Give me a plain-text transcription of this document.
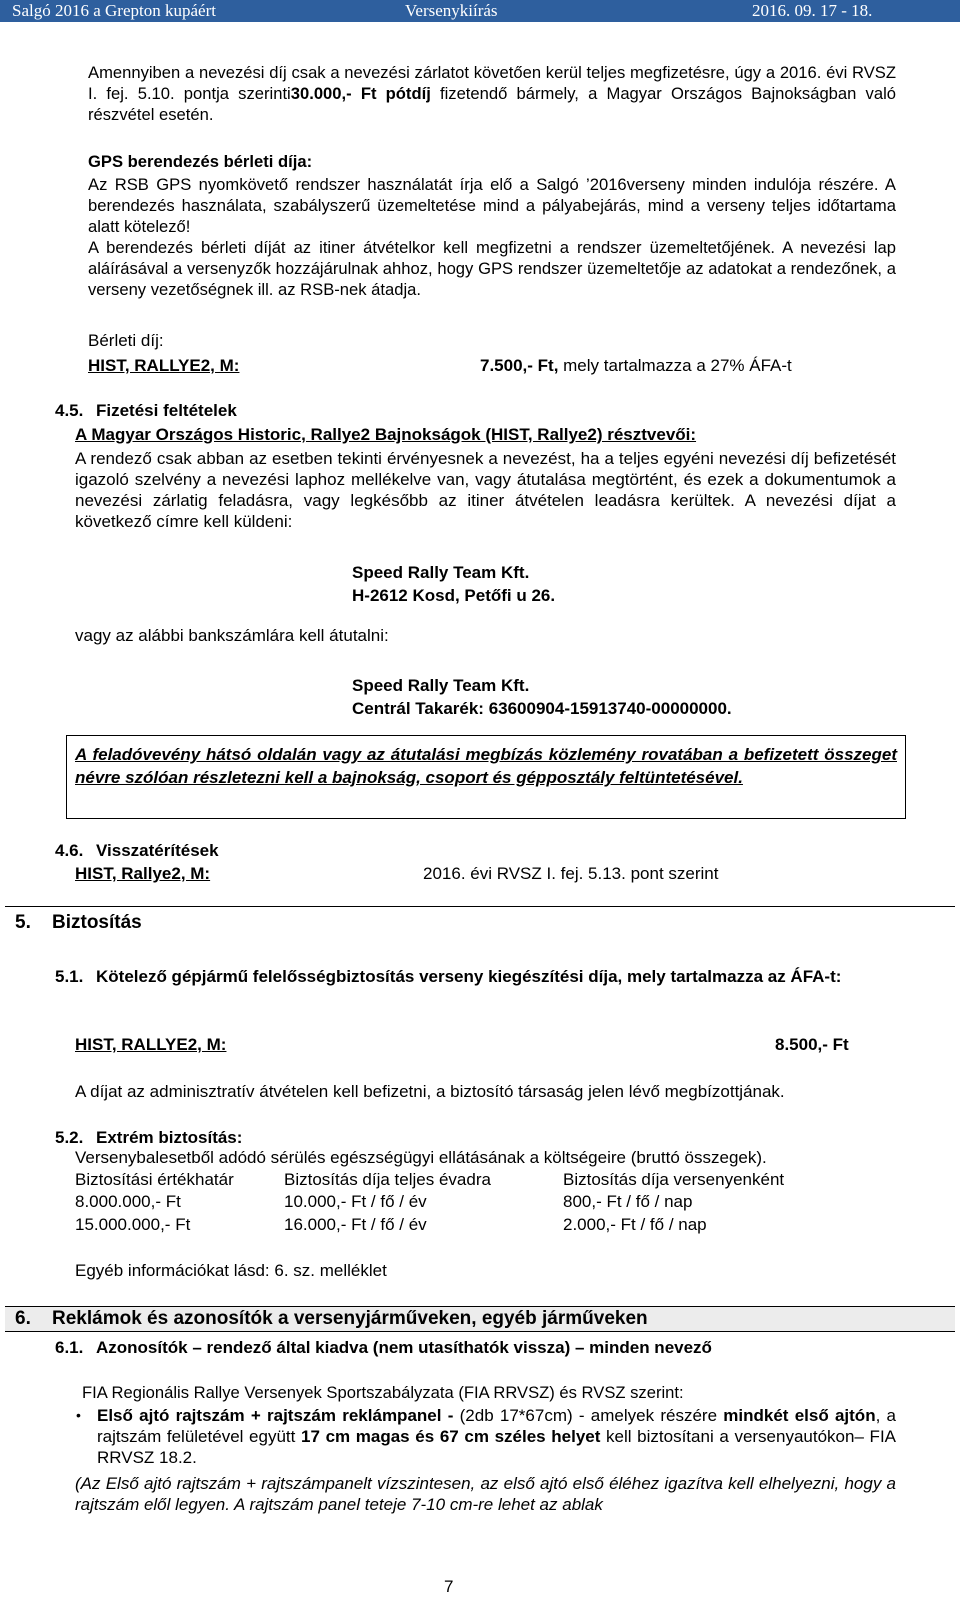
Salgó 2016 a Grepton kupáért	Versenykiírás	2016. 09. 17 - 18.
Amennyiben a nevezési díj csak a nevezési zárlatot követően kerül teljes megfizetésre, úgy a 2016. évi RVSZ I. fej. 5.10. pontja szerinti30.000,- Ft pótdíj fizetendő bármely, a Magyar Országos Bajnokságban való részvétel esetén.
GPS berendezés bérleti díja:
Az RSB GPS nyomkövető rendszer használatát írja elő a Salgó ’2016verseny minden indulója részére. A berendezés használata, szabályszerű üzemeltetése mind a pályabejárás, mind a verseny teljes időtartama alatt kötelező!
A berendezés bérleti díját az itiner átvételkor kell megfizetni a rendszer üzemeltetőjének. A nevezési lap aláírásával a versenyzők hozzájárulnak ahhoz, hogy GPS rendszer üzemeltetője az adatokat a rendezőnek, a verseny vezetőségnek ill. az RSB-nek átadja.
Bérleti díj:
HIST, RALLYE2, M:	7.500,- Ft, mely tartalmazza a 27% ÁFA-t
4.5. Fizetési feltételek
A Magyar Országos Historic, Rallye2 Bajnokságok (HIST, Rallye2) résztvevői:
A rendező csak abban az esetben tekinti érvényesnek a nevezést, ha a teljes egyéni nevezési díj befizetését igazoló szelvény a nevezési laphoz mellékelve van, vagy átutalása megtörtént, és ezek a dokumentumok a nevezési zárlatig feladásra, vagy legkésőbb az itiner átvételen leadásra kerültek. A nevezési díjat a következő címre kell küldeni:
Speed Rally Team Kft.
H-2612 Kosd, Petőfi u 26.
vagy az alábbi bankszámlára kell átutalni:
Speed Rally Team Kft.
Centrál Takarék: 63600904-15913740-00000000.
A feladóvevény hátsó oldalán vagy az átutalási megbízás közlemény rovatában a befizetett összeget névre szólóan részletezni kell a bajnokság, csoport és gépposztály feltüntetésével.
4.6. Visszatérítések
HIST, Rallye2, M:	2016. évi RVSZ I. fej. 5.13. pont szerint
5. Biztosítás
5.1. Kötelező gépjármű felelősségbiztosítás verseny kiegészítési díja, mely tartalmazza az ÁFA-t:
HIST, RALLYE2, M:	8.500,- Ft
A díjat az adminisztratív átvételen kell befizetni, a biztosító társaság jelen lévő megbízottjának.
5.2. Extrém biztosítás:
Versenybalesetből adódó sérülés egészségügyi ellátásának a költségeire (bruttó összegek).
Biztosítási értékhatár	Biztosítás díja teljes évadra	Biztosítás díja versenyenként
8.000.000,- Ft	10.000,- Ft / fő / év	800,- Ft / fő / nap
15.000.000,- Ft	16.000,- Ft / fő / év	2.000,- Ft / fő / nap
Egyéb információkat lásd: 6. sz. melléklet
6. Reklámok és azonosítók a versenyjárműveken, egyéb járműveken
6.1. Azonosítók – rendező által kiadva (nem utasíthatók vissza) – minden nevező
FIA Regionális Rallye Versenyek Sportszabályzata (FIA RRVSZ) és RVSZ szerint:
• Első ajtó rajtszám + rajtszám reklámpanel - (2db 17*67cm) - amelyek részére mindkét első ajtón, a rajtszám felületével együtt 17 cm magas és 67 cm széles helyet kell biztosítani a versenyautókon– FIA RRVSZ 18.2.
(Az Első ajtó rajtszám + rajtszámpanelt vízszintesen, az első ajtó első éléhez igazítva kell elhelyezni, hogy a rajtszám elől legyen. A rajtszám panel teteje 7-10 cm-re lehet az ablak
7
